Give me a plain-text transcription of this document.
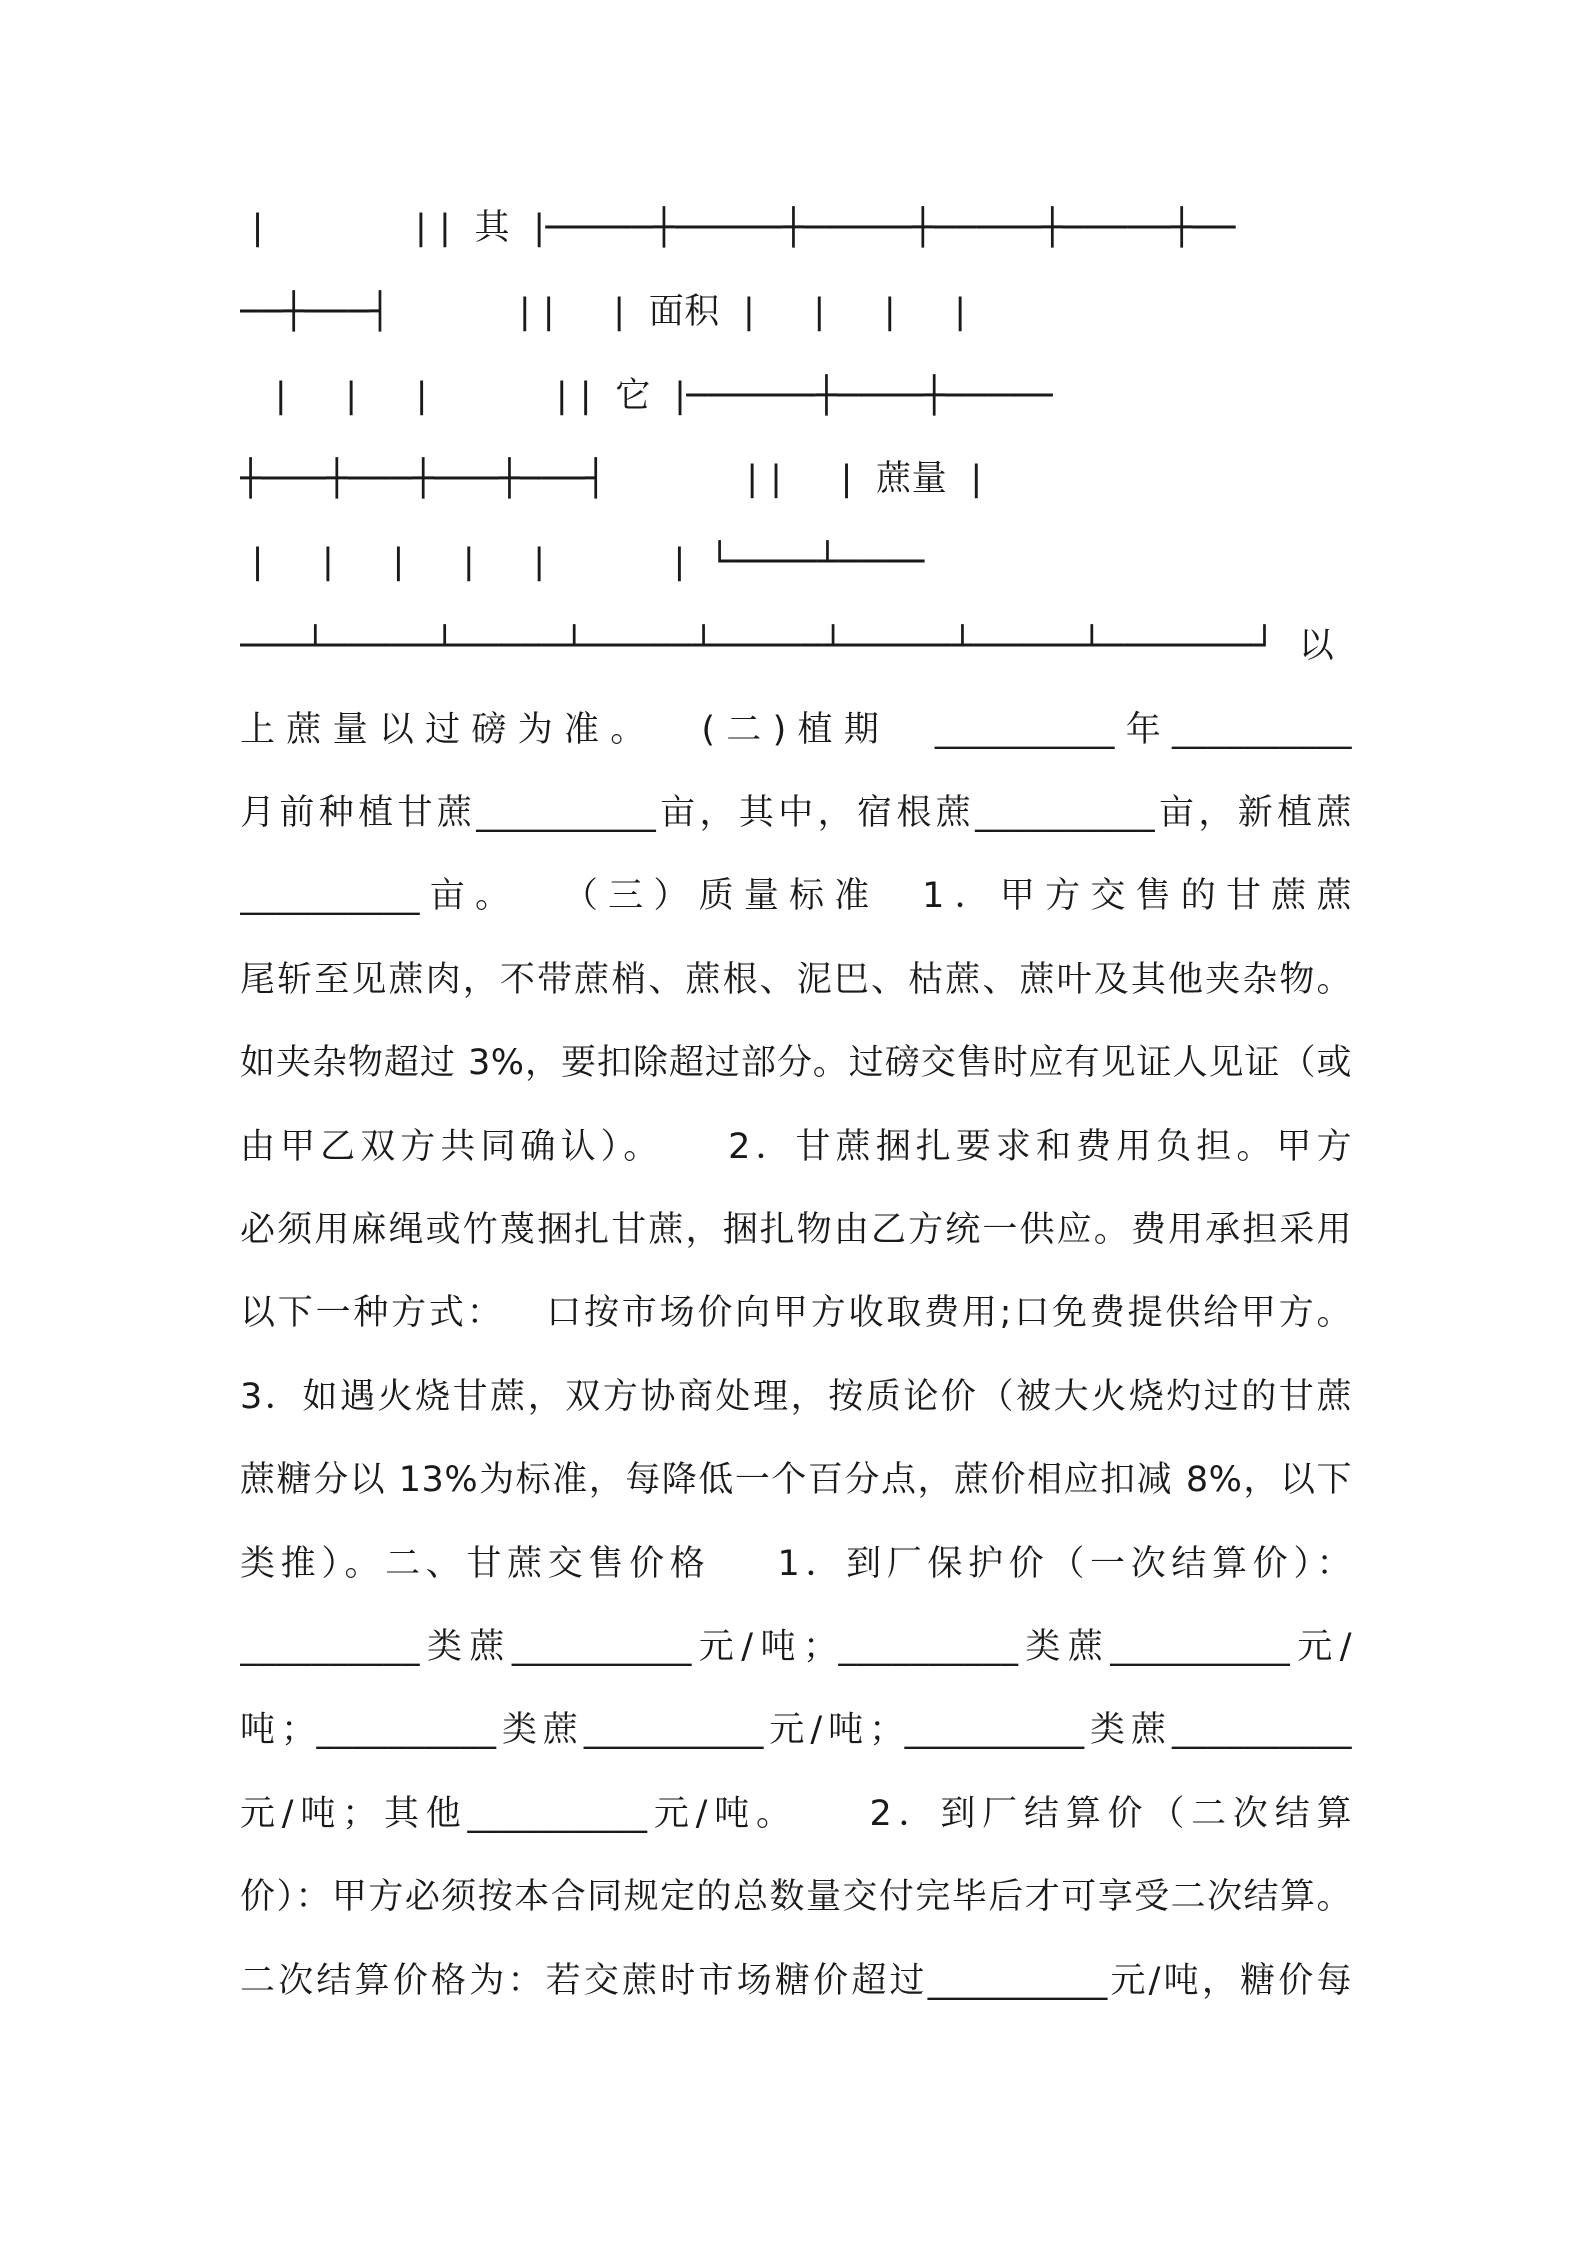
|             | |  其  |─────┼─────┼─────┼─────┼─────┼──
──┼───┤           | |     |  面积  |     |     |     |
|     |     |           | |  它  |──────┼────┼─────
┼───┼───┼───┼───┤            | |     |  蔗量  |
|     |     |     |     |           |  └────┴────
───┴─────┴─────┴─────┴─────┴─────┴─────┴───────┘  以
上蔗量以过磅为准。  (二)植期  __________年__________
月前种植甘蔗__________亩，其中，宿根蔗__________亩，新植蔗
__________亩。  （三）质量标准  1．甲方交售的甘蔗蔗
尾斩至见蔗肉，不带蔗梢、蔗根、泥巴、枯蔗、蔗叶及其他夹杂物。
如夹杂物超过 3%，要扣除超过部分。过磅交售时应有见证人见证（或
由甲乙双方共同确认）。    2．甘蔗捆扎要求和费用负担。甲方
必须用麻绳或竹蔑捆扎甘蔗，捆扎物由乙方统一供应。费用承担采用
以下一种方式：   口按市场价向甲方收取费用;口免费提供给甲方。
3．如遇火烧甘蔗，双方协商处理，按质论价（被大火烧灼过的甘蔗
蔗糖分以 13%为标准，每降低一个百分点，蔗价相应扣减 8%，以下
类推）。二、甘蔗交售价格    1．到厂保护价（一次结算价）：
__________类蔗__________元/吨；__________类蔗__________元/
吨；__________类蔗__________元/吨；__________类蔗__________
元/吨；其他__________元/吨。    2．到厂结算价（二次结算
价）：甲方必须按本合同规定的总数量交付完毕后才可享受二次结算。
二次结算价格为：若交蔗时市场糖价超过__________元/吨，糖价每
